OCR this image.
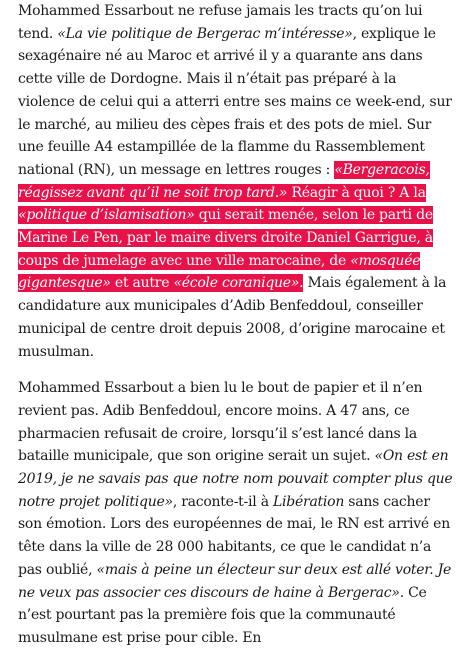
Mohammed Essarbout ne refuse jamais les tracts qu’on lui tend. «La vie politique de Bergerac m’intéresse», explique le sexagénaire né au Maroc et arrivé il y a quarante ans dans cette ville de Dordogne. Mais il n’était pas préparé à la violence de celui qui a atterri entre ses mains ce week-end, sur le marché, au milieu des cèpes frais et des pots de miel. Sur une feuille A4 estampillée de la flamme du Rassemblement national (RN), un message en lettres rouges : «Bergeracois, réagissez avant qu’il ne soit trop tard.» Réagir à quoi ? A la «politique d’islamisation» qui serait menée, selon le parti de Marine Le Pen, par le maire divers droite Daniel Garrigue, à coups de jumelage avec une ville marocaine, de «mosquée gigantesque» et autre «école coranique». Mais également à la candidature aux municipales d’Adib Benfeddoul, conseiller municipal de centre droit depuis 2008, d’origine marocaine et musulman.

Mohammed Essarbout a bien lu le bout de papier et il n’en revient pas. Adib Benfeddoul, encore moins. A 47 ans, ce pharmacien refusait de croire, lorsqu’il s’est lancé dans la bataille municipale, que son origine serait un sujet. «On est en 2019, je ne savais pas que notre nom pouvait compter plus que notre projet politique», raconte-t-il à Libération sans cacher son émotion. Lors des européennes de mai, le RN est arrivé en tête dans la ville de 28 000 habitants, ce que le candidat n’a pas oublié, «mais à peine un électeur sur deux est allé voter. Je ne veux pas associer ces discours de haine à Bergerac». Ce n’est pourtant pas la première fois que la communauté musulmane est prise pour cible. En
